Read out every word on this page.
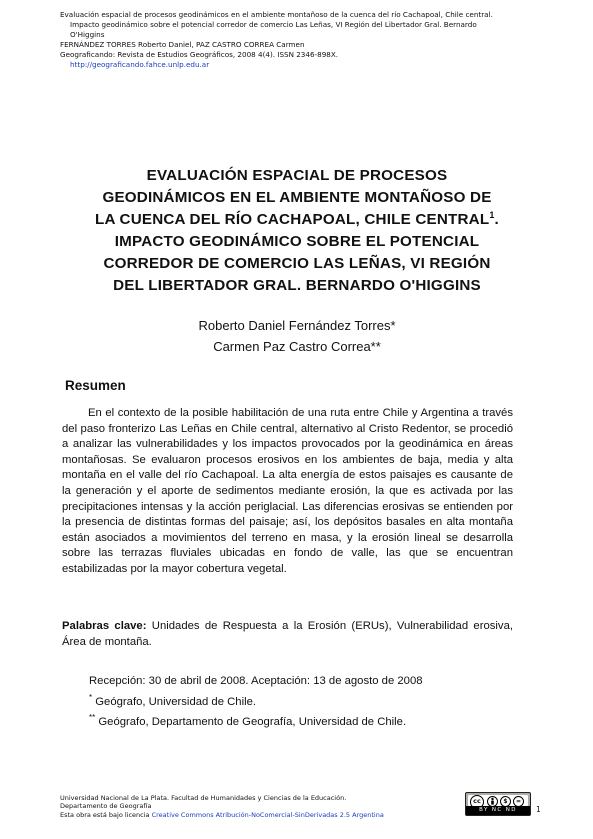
Evaluación espacial de procesos geodinámicos en el ambiente montañoso de la cuenca del río Cachapoal, Chile central.
Impacto geodinámico sobre el potencial corredor de comercio Las Leñas, VI Región del Libertador Gral. Bernardo
O'Higgins
FERNÁNDEZ TORRES Roberto Daniel, PAZ CASTRO CORREA Carmen
Geograficando: Revista de Estudios Geográficos, 2008 4(4). ISSN 2346-898X.
http://geograficando.fahce.unlp.edu.ar
EVALUACIÓN ESPACIAL DE PROCESOS
GEODINÁMICOS EN EL AMBIENTE MONTAÑOSO DE
LA CUENCA DEL RÍO CACHAPOAL, CHILE CENTRAL$^1$.
IMPACTO GEODINÁMICO SOBRE EL POTENCIAL
CORREDOR DE COMERCIO LAS LEÑAS, VI REGIÓN
DEL LIBERTADOR GRAL. BERNARDO O'HIGGINS
Roberto Daniel Fernández Torres*
Carmen Paz Castro Correa**
Resumen

En el contexto de la posible habilitación de una ruta entre Chile y Argentina a través del paso fronterizo Las Leñas en Chile central, alternativo al Cristo Redentor, se procedió a analizar las vulnerabilidades y los impactos provocados por la geodinámica en áreas montañosas. Se evaluaron procesos erosivos en los ambientes de baja, media y alta montaña en el valle del río Cachapoal. La alta energía de estos paisajes es causante de la generación y el aporte de sedimentos mediante erosión, la que es activada por las precipitaciones intensas y la acción periglacial. Las diferencias erosivas se entienden por la presencia de distintas formas del paisaje; así, los depósitos basales en alta montaña están asociados a movimientos del terreno en masa, y la erosión lineal se desarrolla sobre las terrazas fluviales ubicadas en fondo de valle, las que se encuentran estabilizadas por la mayor cobertura vegetal.

Palabras clave: Unidades de Respuesta a la Erosión (ERUs), Vulnerabilidad erosiva, Área de montaña.

Recepción: 30 de abril de 2008. Aceptación: 13 de agosto de 2008
* Geógrafo, Universidad de Chile.
** Geógrafo, Departamento de Geografía, Universidad de Chile.
Universidad Nacional de La Plata. Facultad de Humanidades y Ciencias de la Educación.
Departamento de Geografía
Esta obra está bajo licencia Creative Commons Atribución-NoComercial-SinDerivadas 2.5 Argentina
cc	$	=
BY NC ND	1
